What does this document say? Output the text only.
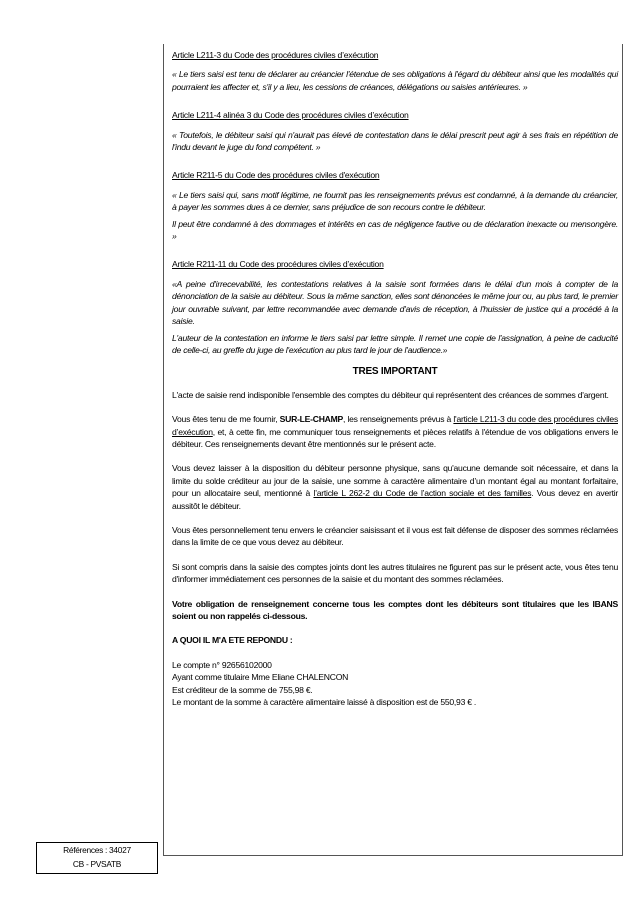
Article L211-3 du Code des procédures civiles d’exécution
« Le tiers saisi est tenu de déclarer au créancier l'étendue de ses obligations à l'égard du débiteur ainsi que les modalités qui pourraient les affecter et, s'il y a lieu, les cessions de créances, délégations ou saisies antérieures. »
Article L211-4 alinéa 3 du Code des procédures civiles d’exécution
« Toutefois, le débiteur saisi qui n'aurait pas élevé de contestation dans le délai prescrit peut agir à ses frais en répétition de l'indu devant le juge du fond compétent. »
Article R211-5 du Code des procédures civiles d'exécution
« Le tiers saisi qui, sans motif légitime, ne fournit pas les renseignements prévus est condamné, à la demande du créancier, à payer les sommes dues à ce dernier, sans préjudice de son recours contre le débiteur.
Il peut être condamné à des dommages et intérêts en cas de négligence fautive ou de déclaration inexacte ou mensongère. »
Article R211-11 du Code des procédures civiles d’exécution
«A peine d'irrecevabilité, les contestations relatives à la saisie sont formées dans le délai d'un mois à compter de la dénonciation de la saisie au débiteur. Sous la même sanction, elles sont dénoncées le même jour ou, au plus tard, le premier jour ouvrable suivant, par lettre recommandée avec demande d'avis de réception, à l'huissier de justice qui a procédé à la saisie.
L'auteur de la contestation en informe le tiers saisi par lettre simple. Il remet une copie de l'assignation, à peine de caducité de celle-ci, au greffe du juge de l'exécution au plus tard le jour de l'audience.»
TRES IMPORTANT
L'acte de saisie rend indisponible l'ensemble des comptes du débiteur qui représentent des créances de sommes d'argent.
Vous êtes tenu de me fournir, SUR-LE-CHAMP, les renseignements prévus à l'article L211-3 du code des procédures civiles d’exécution, et, à cette fin, me communiquer tous renseignements et pièces relatifs à l'étendue de vos obligations envers le débiteur. Ces renseignements devant être mentionnés sur le présent acte.
Vous devez laisser à la disposition du débiteur personne physique, sans qu'aucune demande soit nécessaire, et dans la limite du solde créditeur au jour de la saisie, une somme à caractère alimentaire d’un montant égal au montant forfaitaire, pour un allocataire seul, mentionné à l’article L 262-2 du Code de l’action sociale et des familles. Vous devez en avertir aussitôt le débiteur.
Vous êtes personnellement tenu envers le créancier saisissant et il vous est fait défense de disposer des sommes réclamées dans la limite de ce que vous devez au débiteur.
Si sont compris dans la saisie des comptes joints dont les autres titulaires ne figurent pas sur le présent acte, vous êtes tenu d'informer immédiatement ces personnes de la saisie et du montant des sommes réclamées.
Votre obligation de renseignement concerne tous les comptes dont les débiteurs sont titulaires que les IBANS soient ou non rappelés ci-dessous.
A QUOI IL M'A ETE REPONDU :
Le compte n° 92656102000
Ayant comme titulaire Mme Eliane CHALENCON
Est créditeur de la somme de 755,98 €.
Le montant de la somme à caractère alimentaire laissé à disposition est de 550,93 € .
Références : 34027
CB - PVSATB
